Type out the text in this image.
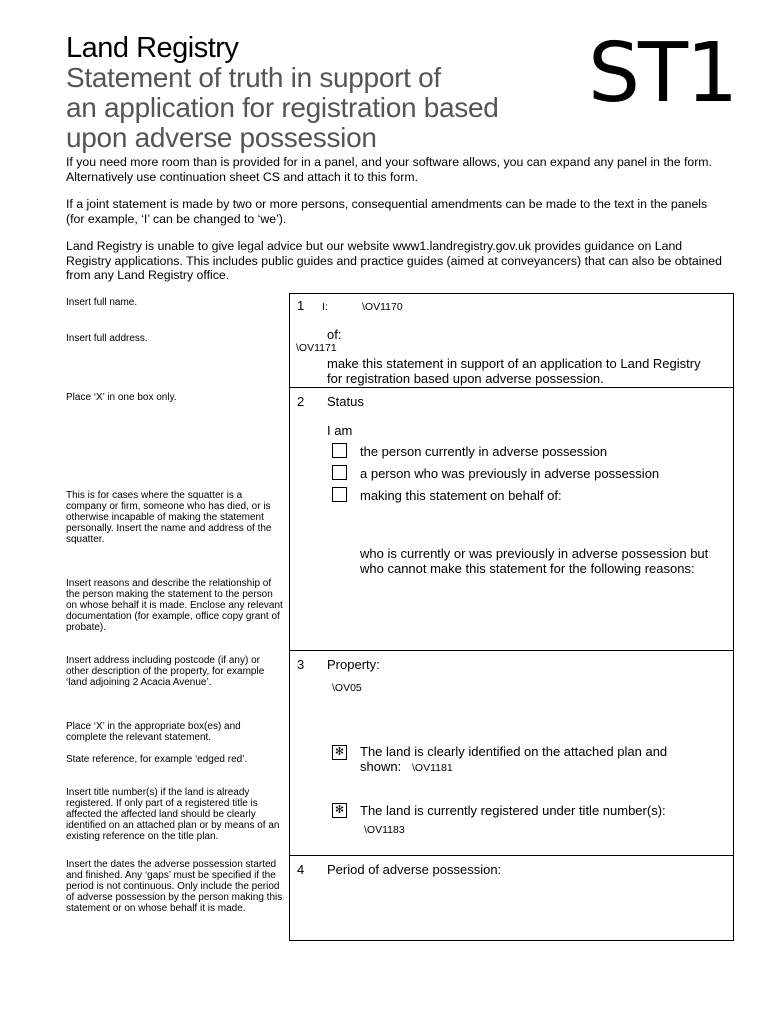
Land Registry
Statement of truth in support of
an application for registration based
upon adverse possession
ST1
If you need more room than is provided for in a panel, and your software allows, you can expand any panel in the form. Alternatively use continuation sheet CS and attach it to this form.
If a joint statement is made by two or more persons, consequential amendments can be made to the text in the panels (for example, ‘I’ can be changed to ‘we’).
Land Registry is unable to give legal advice but our website www1.landregistry.gov.uk provides guidance on Land Registry applications. This includes public guides and practice guides (aimed at conveyancers) that can also be obtained from any Land Registry office.
Insert full name.
Insert full address.
Place ‘X’ in one box only.
This is for cases where the squatter is a company or firm, someone who has died, or is otherwise incapable of making the statement personally. Insert the name and address of the squatter.
Insert reasons and describe the relationship of the person making the statement to the person on whose behalf it is made. Enclose any relevant documentation (for example, office copy grant of probate).
Insert address including postcode (if any) or other description of the property, for example ‘land adjoining 2 Acacia Avenue’.
Place ‘X’ in the appropriate box(es) and complete the relevant statement.
State reference, for example ‘edged red’.
Insert title number(s) if the land is already registered. If only part of a registered title is affected the affected land should be clearly identified on an attached plan or by means of an existing reference on the title plan.
Insert the dates the adverse possession started and finished. Any ‘gaps’ must be specified if the period is not continuous. Only include the period of adverse possession by the person making this statement or on whose behalf it is made.
1 I:	\OV1170
of:
\OV1171
make this statement in support of an application to Land Registry for registration based upon adverse possession.
2 Status
I am
the person currently in adverse possession
a person who was previously in adverse possession
making this statement on behalf of:
who is currently or was previously in adverse possession but who cannot make this statement for the following reasons:
3 Property:
\OV05
✻ The land is clearly identified on the attached plan and
shown: \OV1181
✻ The land is currently registered under title number(s):
\OV1183
4 Period of adverse possession:
